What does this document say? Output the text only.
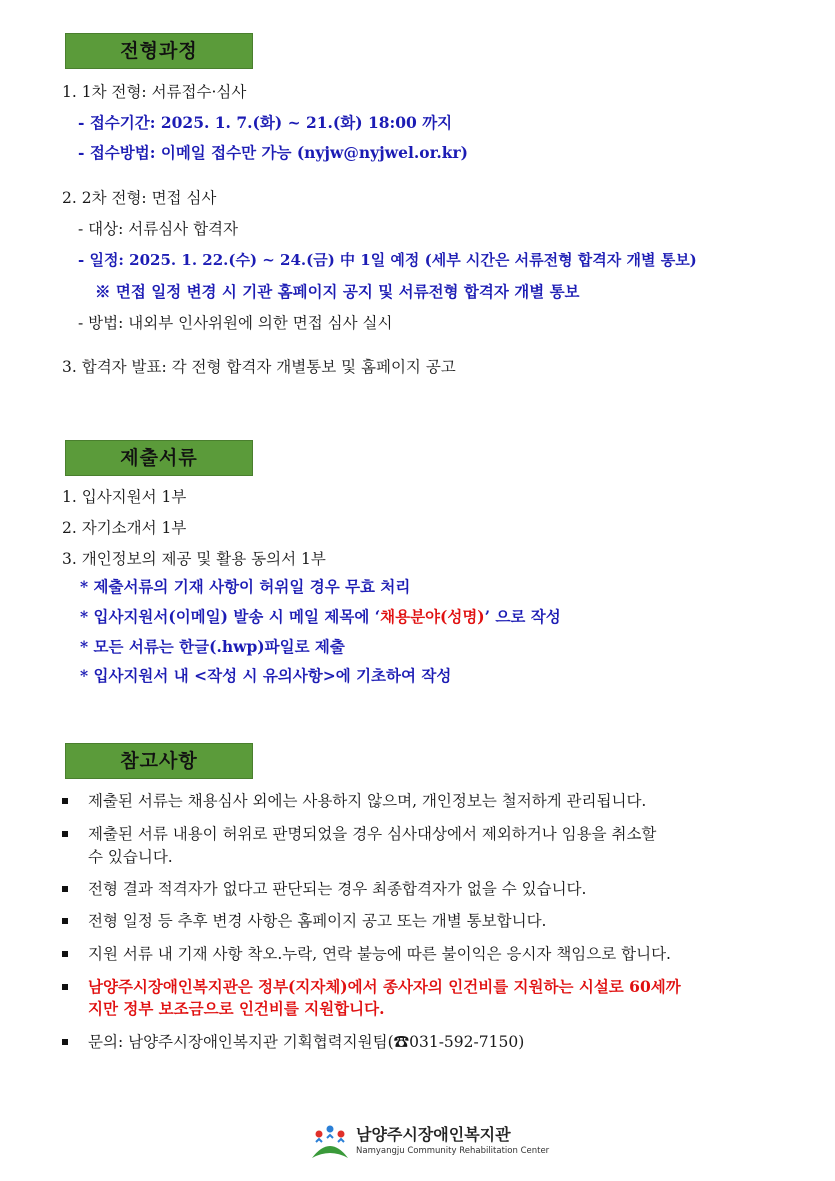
전형과정
1. 1차 전형: 서류접수·심사
- 접수기간: 2025. 1. 7.(화) ~ 21.(화) 18:00 까지
- 접수방법: 이메일 접수만 가능 (nyjw@nyjwel.or.kr)
2. 2차 전형: 면접 심사
- 대상: 서류심사 합격자
- 일정: 2025. 1. 22.(수) ~ 24.(금) 中 1일 예정 (세부 시간은 서류전형 합격자 개별 통보)
※ 면접 일정 변경 시 기관 홈페이지 공지 및 서류전형 합격자 개별 통보
- 방법: 내외부 인사위원에 의한 면접 심사 실시
3. 합격자 발표: 각 전형 합격자 개별통보 및 홈페이지 공고
제출서류
1. 입사지원서 1부
2. 자기소개서 1부
3. 개인정보의 제공 및 활용 동의서 1부
* 제출서류의 기재 사항이 허위일 경우 무효 처리
* 입사지원서(이메일) 발송 시 메일 제목에 ‘채용분야(성명)’ 으로 작성
* 모든 서류는 한글(.hwp)파일로 제출
* 입사지원서 내 <작성 시 유의사항>에 기초하여 작성
참고사항
제출된 서류는 채용심사 외에는 사용하지 않으며, 개인정보는 철저하게 관리됩니다.
제출된 서류 내용이 허위로 판명되었을 경우 심사대상에서 제외하거나 임용을 취소할
수 있습니다.
전형 결과 적격자가 없다고 판단되는 경우 최종합격자가 없을 수 있습니다.
전형 일정 등 추후 변경 사항은 홈페이지 공고 또는 개별 통보합니다.
지원 서류 내 기재 사항 착오.누락, 연락 불능에 따른 불이익은 응시자 책임으로 합니다.
남양주시장애인복지관은 정부(지자체)에서 종사자의 인건비를 지원하는 시설로 60세까
지만 정부 보조금으로 인건비를 지원합니다.
문의: 남양주시장애인복지관 기획협력지원팀(☎031-592-7150)
남양주시장애인복지관
Namyangju Community Rehabilitation Center
